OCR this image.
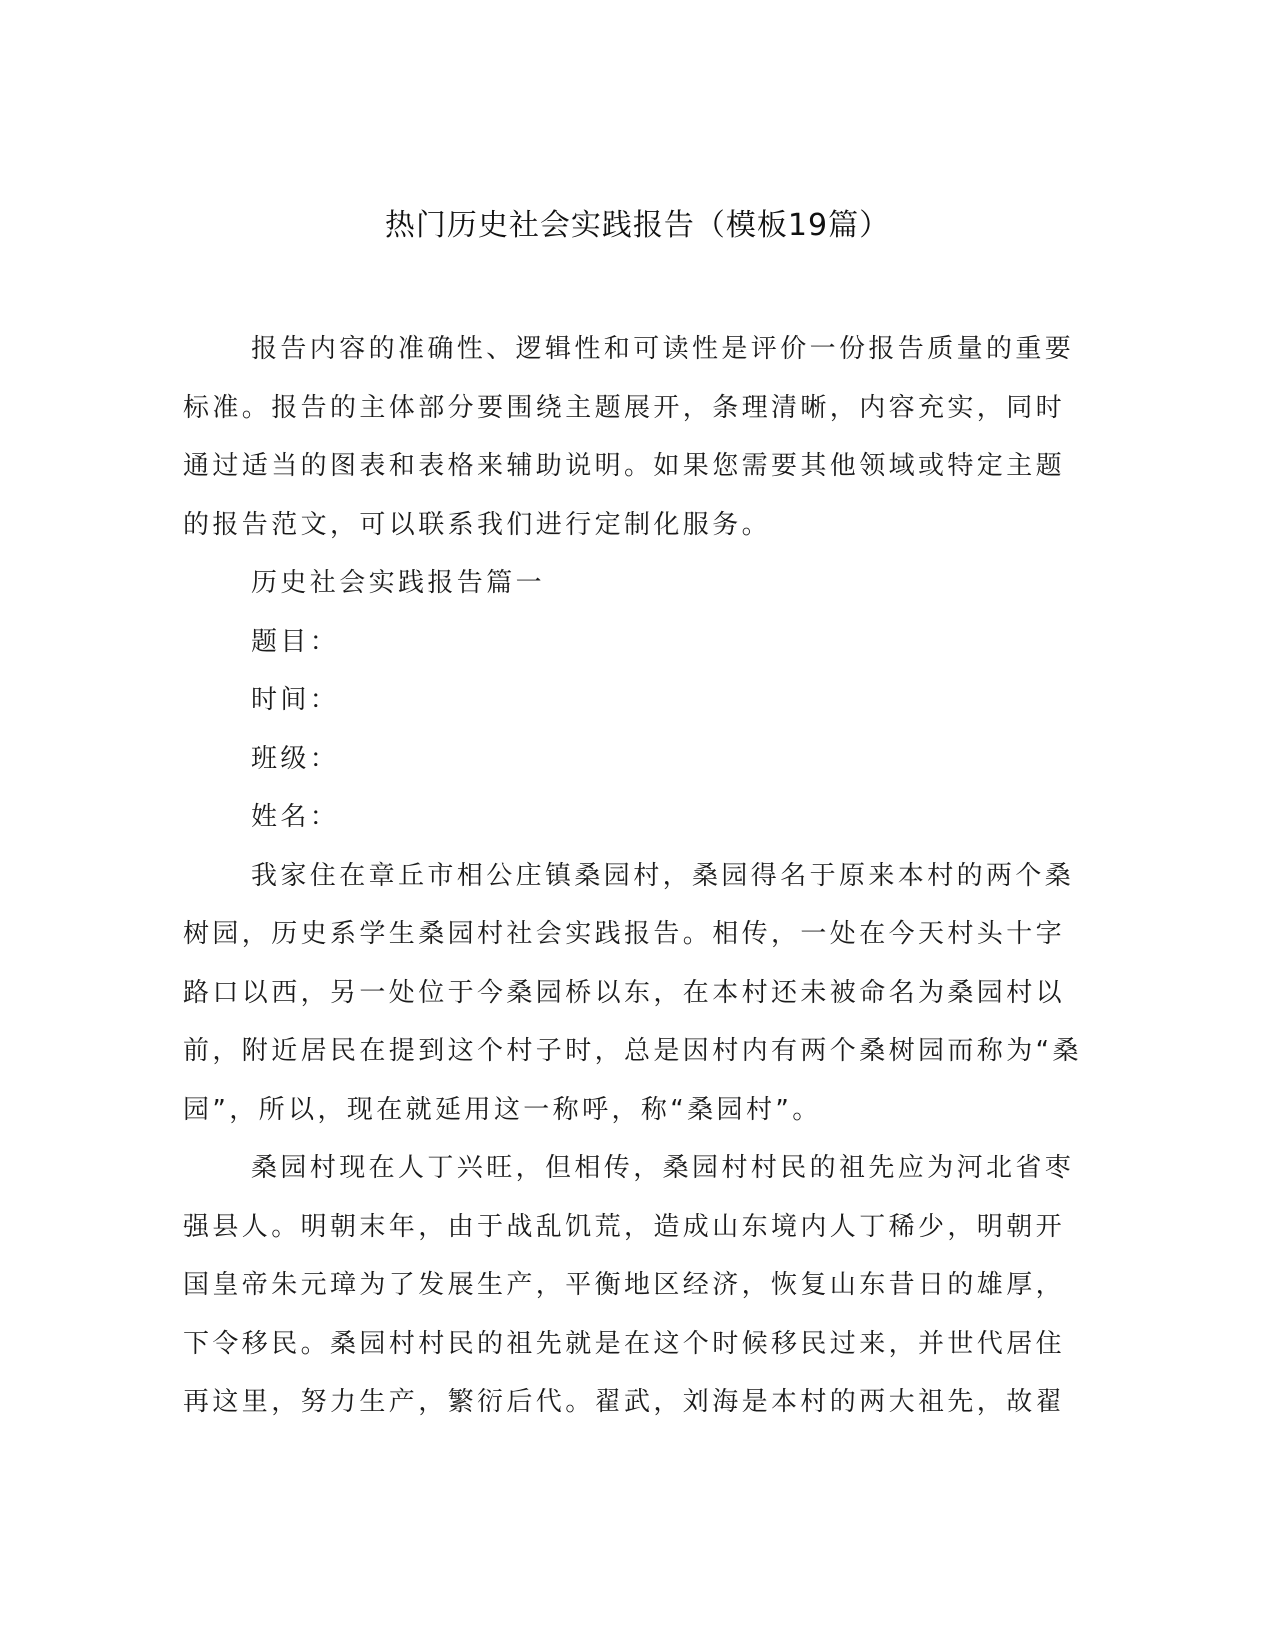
热门历史社会实践报告（模板19篇）
报告内容的准确性、逻辑性和可读性是评价一份报告质量的重要
标准。报告的主体部分要围绕主题展开，条理清晰，内容充实，同时
通过适当的图表和表格来辅助说明。如果您需要其他领域或特定主题
的报告范文，可以联系我们进行定制化服务。
历史社会实践报告篇一
题目：
时间：
班级：
姓名：
我家住在章丘市相公庄镇桑园村，桑园得名于原来本村的两个桑
树园，历史系学生桑园村社会实践报告。相传，一处在今天村头十字
路口以西，另一处位于今桑园桥以东，在本村还未被命名为桑园村以
前，附近居民在提到这个村子时，总是因村内有两个桑树园而称为“桑
园”，所以，现在就延用这一称呼，称“桑园村”。
桑园村现在人丁兴旺，但相传，桑园村村民的祖先应为河北省枣
强县人。明朝末年，由于战乱饥荒，造成山东境内人丁稀少，明朝开
国皇帝朱元璋为了发展生产，平衡地区经济，恢复山东昔日的雄厚，
下令移民。桑园村村民的祖先就是在这个时候移民过来，并世代居住
再这里，努力生产，繁衍后代。翟武，刘海是本村的两大祖先，故翟
